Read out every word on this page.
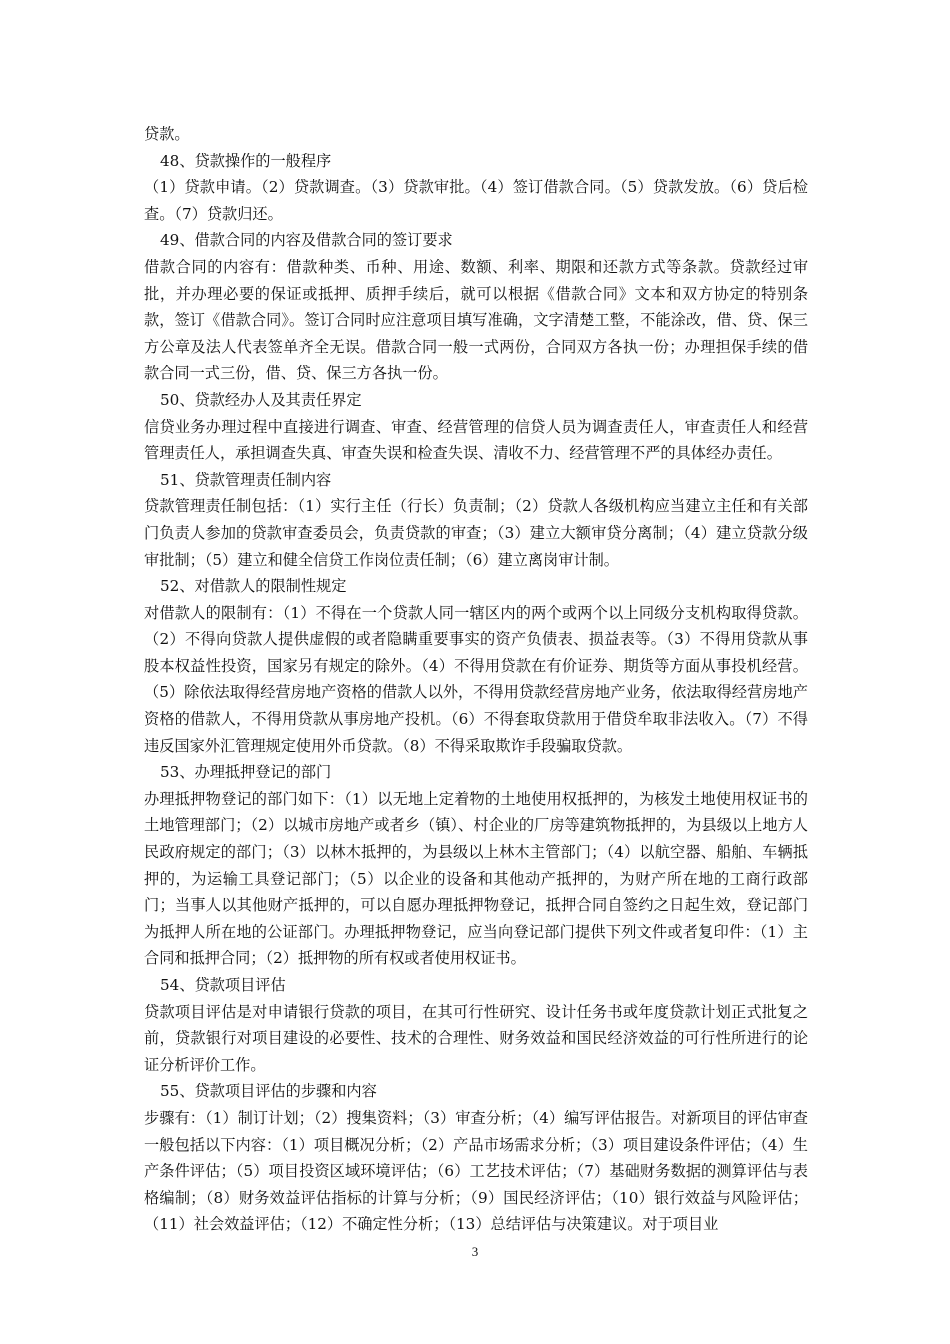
贷款。

48、贷款操作的一般程序

（1）贷款申请。（2）贷款调查。（3）贷款审批。（4）签订借款合同。（5）贷款发放。（6）贷后检查。（7）贷款归还。

49、借款合同的内容及借款合同的签订要求

借款合同的内容有：借款种类、币种、用途、数额、利率、期限和还款方式等条款。贷款经过审批，并办理必要的保证或抵押、质押手续后，就可以根据《借款合同》文本和双方协定的特别条款，签订《借款合同》。签订合同时应注意项目填写准确，文字清楚工整，不能涂改，借、贷、保三方公章及法人代表签单齐全无误。借款合同一般一式两份，合同双方各执一份；办理担保手续的借款合同一式三份，借、贷、保三方各执一份。

50、贷款经办人及其责任界定

信贷业务办理过程中直接进行调查、审查、经营管理的信贷人员为调查责任人，审查责任人和经营管理责任人，承担调查失真、审查失误和检查失误、清收不力、经营管理不严的具体经办责任。

51、贷款管理责任制内容

贷款管理责任制包括：（1）实行主任（行长）负责制；（2）贷款人各级机构应当建立主任和有关部门负责人参加的贷款审查委员会，负责贷款的审查；（3）建立大额审贷分离制；（4）建立贷款分级审批制；（5）建立和健全信贷工作岗位责任制；（6）建立离岗审计制。

52、对借款人的限制性规定

对借款人的限制有：（1）不得在一个贷款人同一辖区内的两个或两个以上同级分支机构取得贷款。（2）不得向贷款人提供虚假的或者隐瞒重要事实的资产负债表、损益表等。（3）不得用贷款从事股本权益性投资，国家另有规定的除外。（4）不得用贷款在有价证券、期货等方面从事投机经营。（5）除依法取得经营房地产资格的借款人以外，不得用贷款经营房地产业务，依法取得经营房地产资格的借款人，不得用贷款从事房地产投机。（6）不得套取贷款用于借贷牟取非法收入。（7）不得违反国家外汇管理规定使用外币贷款。（8）不得采取欺诈手段骗取贷款。

53、办理抵押登记的部门

办理抵押物登记的部门如下：（1）以无地上定着物的土地使用权抵押的，为核发土地使用权证书的土地管理部门；（2）以城市房地产或者乡（镇）、村企业的厂房等建筑物抵押的，为县级以上地方人民政府规定的部门；（3）以林木抵押的，为县级以上林木主管部门；（4）以航空器、船舶、车辆抵押的，为运输工具登记部门；（5）以企业的设备和其他动产抵押的，为财产所在地的工商行政部门；当事人以其他财产抵押的，可以自愿办理抵押物登记，抵押合同自签约之日起生效，登记部门为抵押人所在地的公证部门。办理抵押物登记，应当向登记部门提供下列文件或者复印件：（1）主合同和抵押合同；（2）抵押物的所有权或者使用权证书。

54、贷款项目评估

贷款项目评估是对申请银行贷款的项目，在其可行性研究、设计任务书或年度贷款计划正式批复之前，贷款银行对项目建设的必要性、技术的合理性、财务效益和国民经济效益的可行性所进行的论证分析评价工作。

55、贷款项目评估的步骤和内容

步骤有：（1）制订计划；（2）搜集资料；（3）审查分析；（4）编写评估报告。对新项目的评估审查一般包括以下内容：（1）项目概况分析；（2）产品市场需求分析；（3）项目建设条件评估；（4）生产条件评估；（5）项目投资区域环境评估；（6）工艺技术评估；（7）基础财务数据的测算评估与表格编制；（8）财务效益评估指标的计算与分析；（9）国民经济评估；（10）银行效益与风险评估；（11）社会效益评估；（12）不确定性分析；（13）总结评估与决策建议。对于项目业

3
